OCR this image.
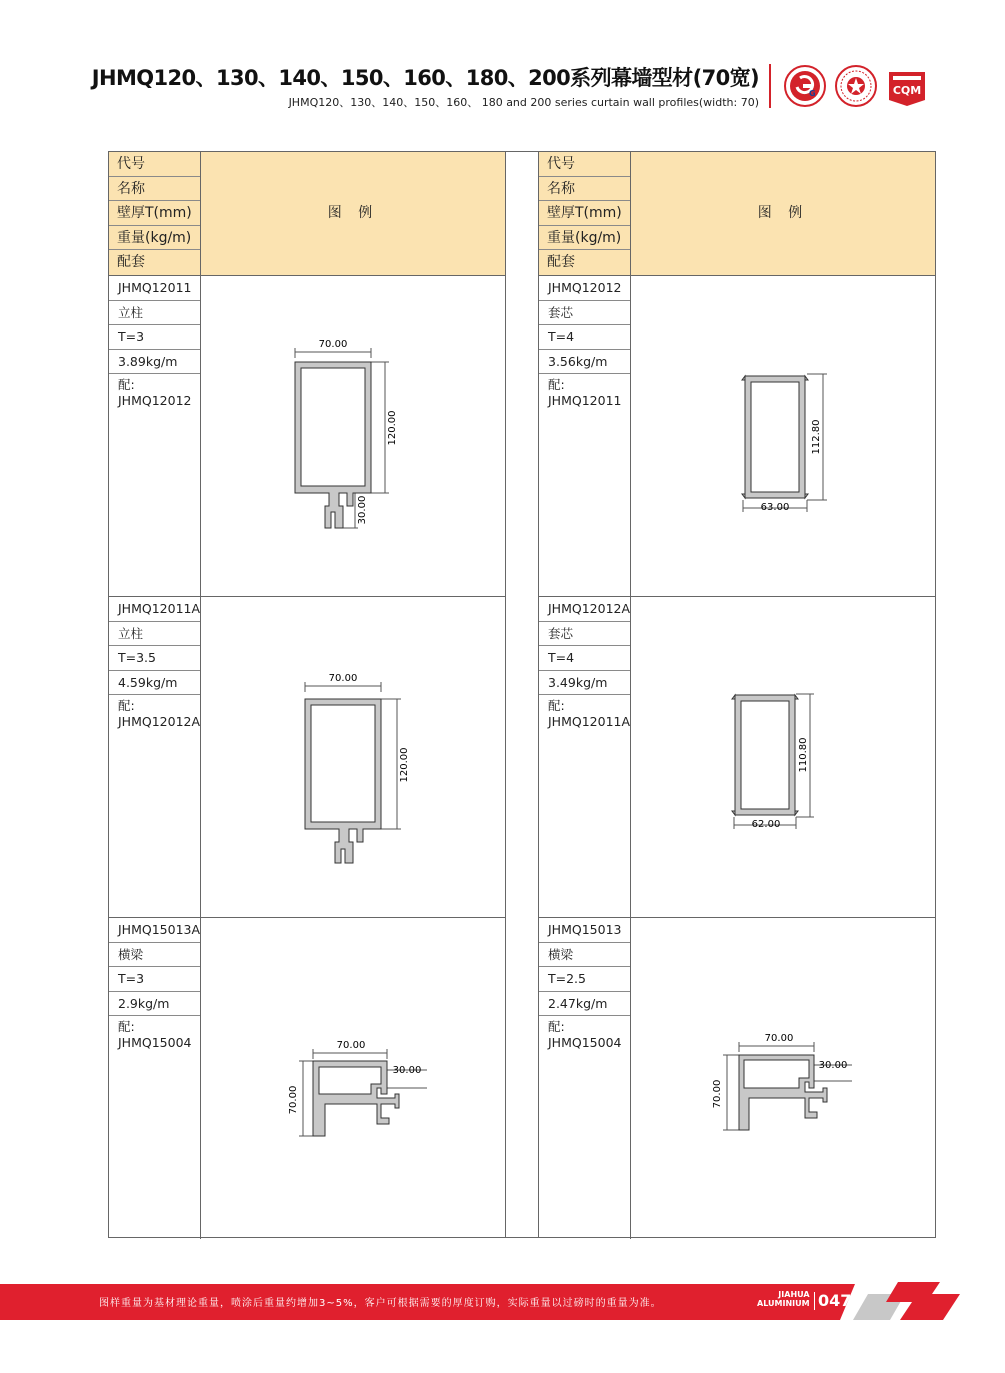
JHMQ120、130、140、150、160、180、200系列幕墙型材(70宽)
JHMQ120、130、140、150、160、 180 and 200 series curtain wall profiles(width: 70)
G	CQM
代号
名称
壁厚T(mm)
重量(kg/m)
配套
图 例
JHMQ12011
立柱
T=3
3.89kg/m
配:
JHMQ12012
70.00
120.00
30.00
JHMQ12011A
立柱
T=3.5
4.59kg/m
配:
JHMQ12012A
70.00
120.00
JHMQ15013A
横梁
T=3
2.9kg/m
配:
JHMQ15004	70.00
30.00
70.00
代号
名称
壁厚T(mm)
重量(kg/m)
配套
图 例
JHMQ12012
套芯
T=4
3.56kg/m
配:
JHMQ12011
63.00
112.80
JHMQ12012A
套芯
T=4
3.49kg/m
配:
JHMQ12011A
62.00
110.80
JHMQ15013
横梁
T=2.5
2.47kg/m
配:
JHMQ15004	70.00
30.00
70.00
图样重量为基材理论重量，喷涂后重量约增加3~5%，客户可根据需要的厚度订购，实际重量以过磅时的重量为准。
JIAHUA
ALUMINIUM 047
